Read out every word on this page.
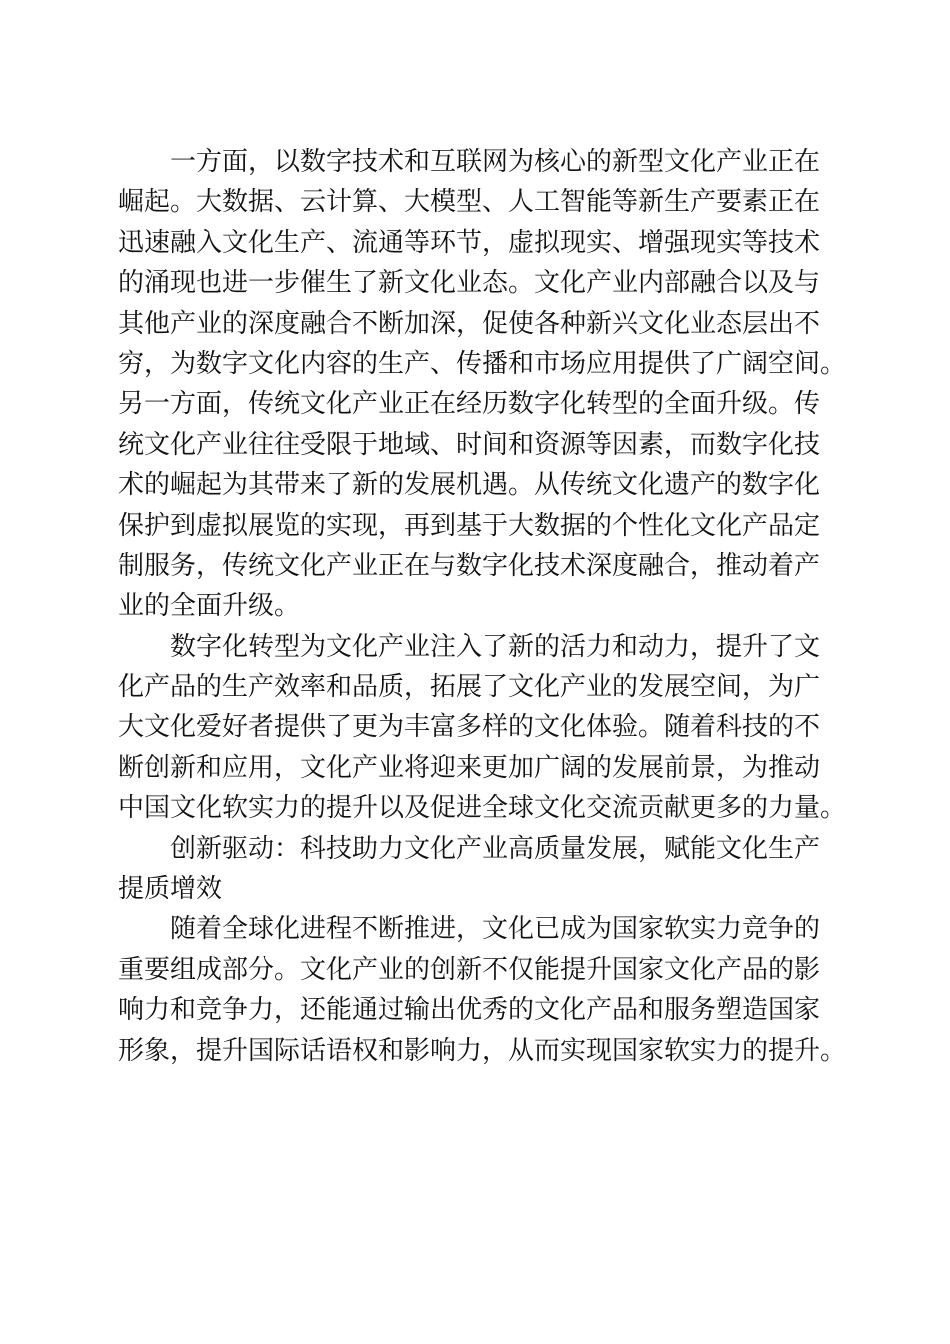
一方面，以数字技术和互联网为核心的新型文化产业正在
崛起。大数据、云计算、大模型、人工智能等新生产要素正在
迅速融入文化生产、流通等环节，虚拟现实、增强现实等技术
的涌现也进一步催生了新文化业态。文化产业内部融合以及与
其他产业的深度融合不断加深，促使各种新兴文化业态层出不
穷，为数字文化内容的生产、传播和市场应用提供了广阔空间。
另一方面，传统文化产业正在经历数字化转型的全面升级。传
统文化产业往往受限于地域、时间和资源等因素，而数字化技
术的崛起为其带来了新的发展机遇。从传统文化遗产的数字化
保护到虚拟展览的实现，再到基于大数据的个性化文化产品定
制服务，传统文化产业正在与数字化技术深度融合，推动着产
业的全面升级。
数字化转型为文化产业注入了新的活力和动力，提升了文
化产品的生产效率和品质，拓展了文化产业的发展空间，为广
大文化爱好者提供了更为丰富多样的文化体验。随着科技的不
断创新和应用，文化产业将迎来更加广阔的发展前景，为推动
中国文化软实力的提升以及促进全球文化交流贡献更多的力量。
创新驱动：科技助力文化产业高质量发展，赋能文化生产
提质增效
随着全球化进程不断推进，文化已成为国家软实力竞争的
重要组成部分。文化产业的创新不仅能提升国家文化产品的影
响力和竞争力，还能通过输出优秀的文化产品和服务塑造国家
形象，提升国际话语权和影响力，从而实现国家软实力的提升。
